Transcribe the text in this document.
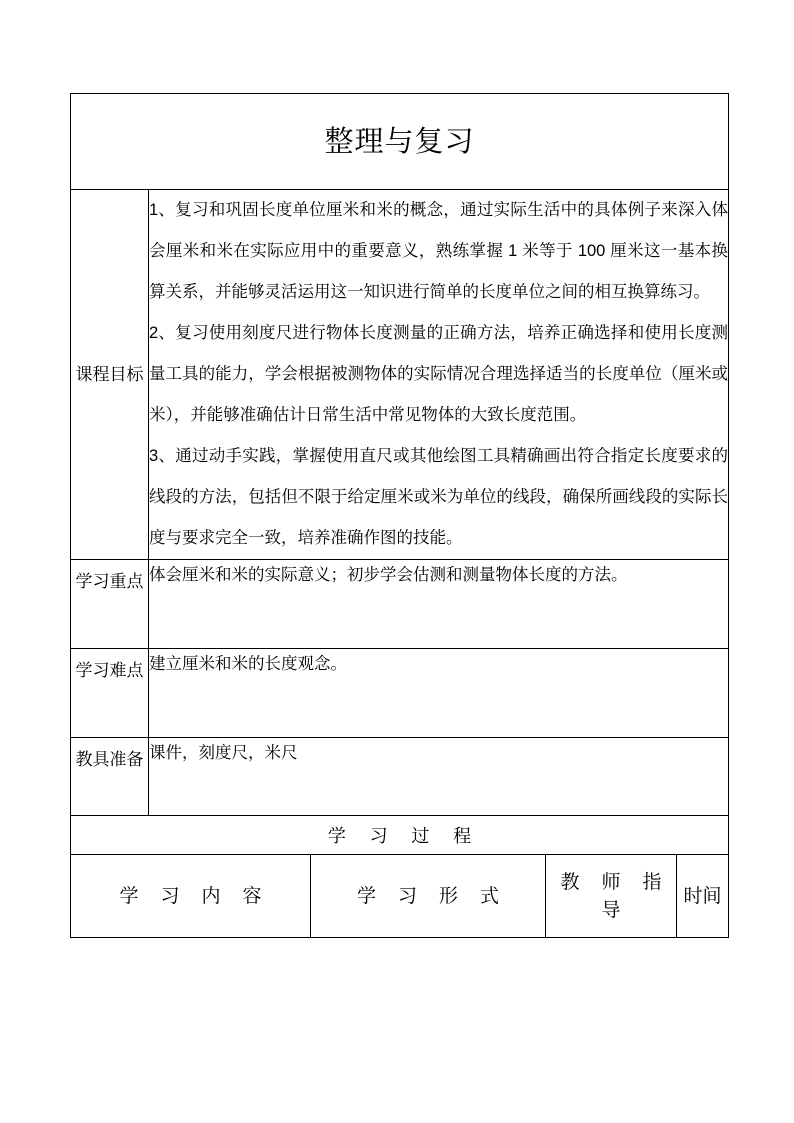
整理与复习				

课程目标	1、复习和巩固长度单位厘米和米的概念，通过实际生活中的具体例子来深入体会厘米和米在实际应用中的重要意义，熟练掌握 1 米等于 100 厘米这一基本换算关系，并能够灵活运用这一知识进行简单的长度单位之间的相互换算练习。

2、复习使用刻度尺进行物体长度测量的正确方法，培养正确选择和使用长度测量工具的能力，学会根据被测物体的实际情况合理选择适当的长度单位（厘米或米），并能够准确估计日常生活中常见物体的大致长度范围。

3、通过动手实践，掌握使用直尺或其他绘图工具精确画出符合指定长度要求的线段的方法，包括但不限于给定厘米或米为单位的线段，确保所画线段的实际长度与要求完全一致，培养准确作图的技能。			

学习重点	体会厘米和米的实际意义；初步学会估测和测量物体长度的方法。			

学习难点	建立厘米和米的长度观念。			

教具准备	课件，刻度尺，米尺			

学 习 过 程				

学 习 内 容		学 习 形 式	教 师 指 导	时间
